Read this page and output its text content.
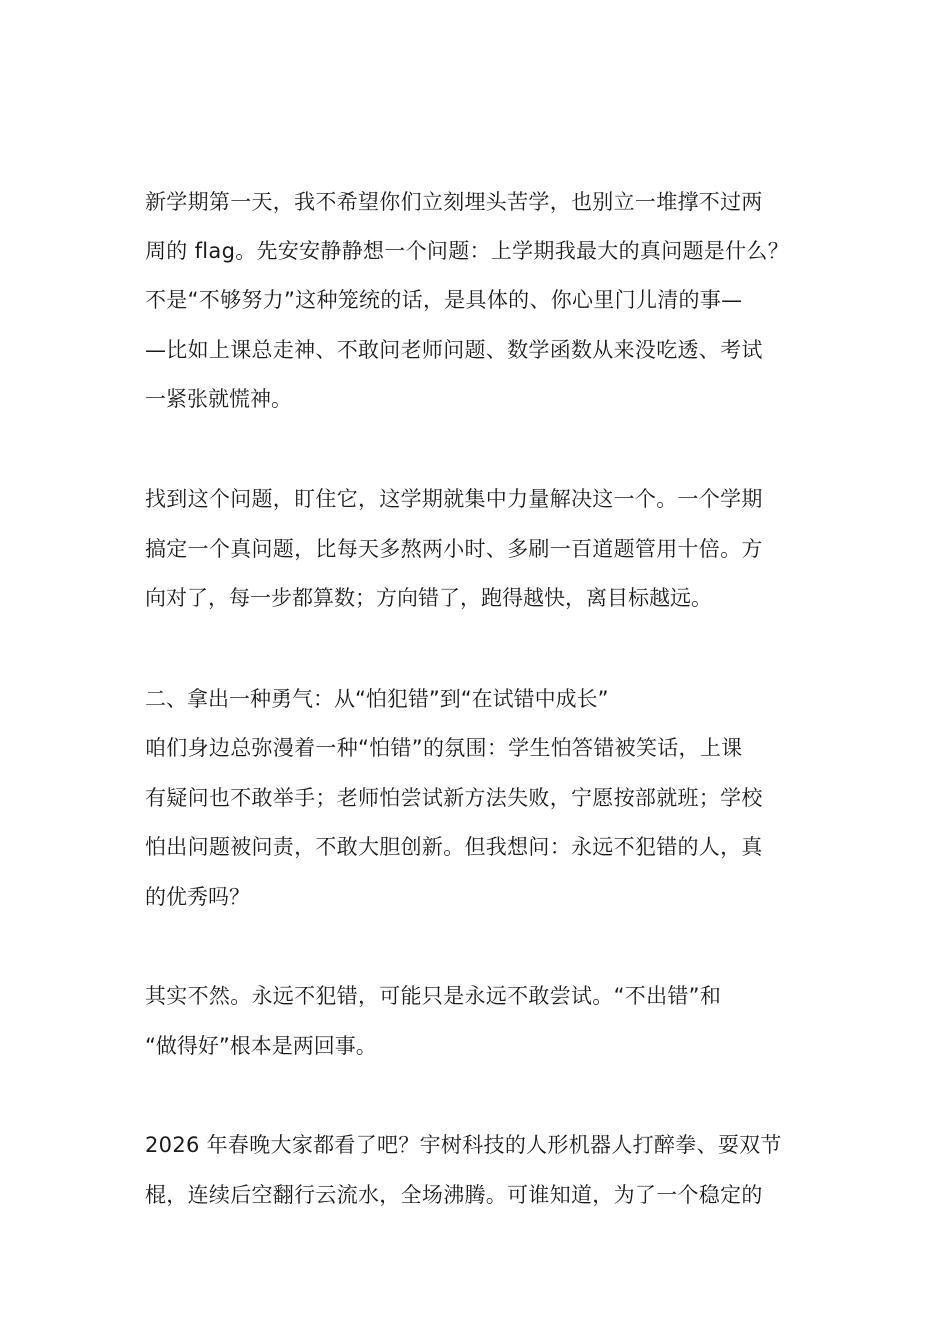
新学期第一天，我不希望你们立刻埋头苦学，也别立一堆撑不过两
周的 flag。先安安静静想一个问题：上学期我最大的真问题是什么？
不是“不够努力”这种笼统的话，是具体的、你心里门儿清的事—
—比如上课总走神、不敢问老师问题、数学函数从来没吃透、考试
一紧张就慌神。
找到这个问题，盯住它，这学期就集中力量解决这一个。一个学期
搞定一个真问题，比每天多熬两小时、多刷一百道题管用十倍。方
向对了，每一步都算数；方向错了，跑得越快，离目标越远。
二、拿出一种勇气：从“怕犯错”到“在试错中成长”
咱们身边总弥漫着一种“怕错”的氛围：学生怕答错被笑话，上课
有疑问也不敢举手；老师怕尝试新方法失败，宁愿按部就班；学校
怕出问题被问责，不敢大胆创新。但我想问：永远不犯错的人，真
的优秀吗？
其实不然。永远不犯错，可能只是永远不敢尝试。“不出错”和
“做得好”根本是两回事。
2026 年春晚大家都看了吧？宇树科技的人形机器人打醉拳、耍双节
棍，连续后空翻行云流水，全场沸腾。可谁知道，为了一个稳定的
